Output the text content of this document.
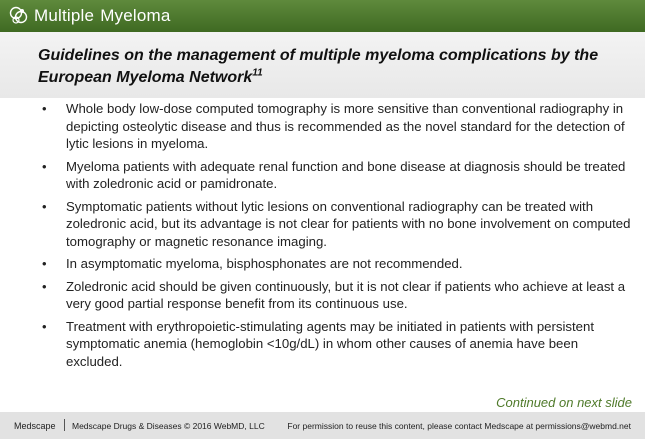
Multiple Myeloma
Guidelines on the management of multiple myeloma complications by the European Myeloma Network$^{11}$
• Whole body low-dose computed tomography is more sensitive than conventional radiography in depicting osteolytic disease and thus is recommended as the novel standard for the detection of lytic lesions in myeloma.
• Myeloma patients with adequate renal function and bone disease at diagnosis should be treated with zoledronic acid or pamidronate.
• Symptomatic patients without lytic lesions on conventional radiography can be treated with zoledronic acid, but its advantage is not clear for patients with no bone involvement on computed tomography or magnetic resonance imaging.
• In asymptomatic myeloma, bisphosphonates are not recommended.
• Zoledronic acid should be given continuously, but it is not clear if patients who achieve at least a very good partial response benefit from its continuous use.
• Treatment with erythropoietic-stimulating agents may be initiated in patients with persistent symptomatic anemia (hemoglobin <10g/dL) in whom other causes of anemia have been excluded.
Continued on next slide
Medscape Medscape Drugs & Diseases © 2016 WebMD, LLC	For permission to reuse this content, please contact Medscape at permissions@webmd.net
